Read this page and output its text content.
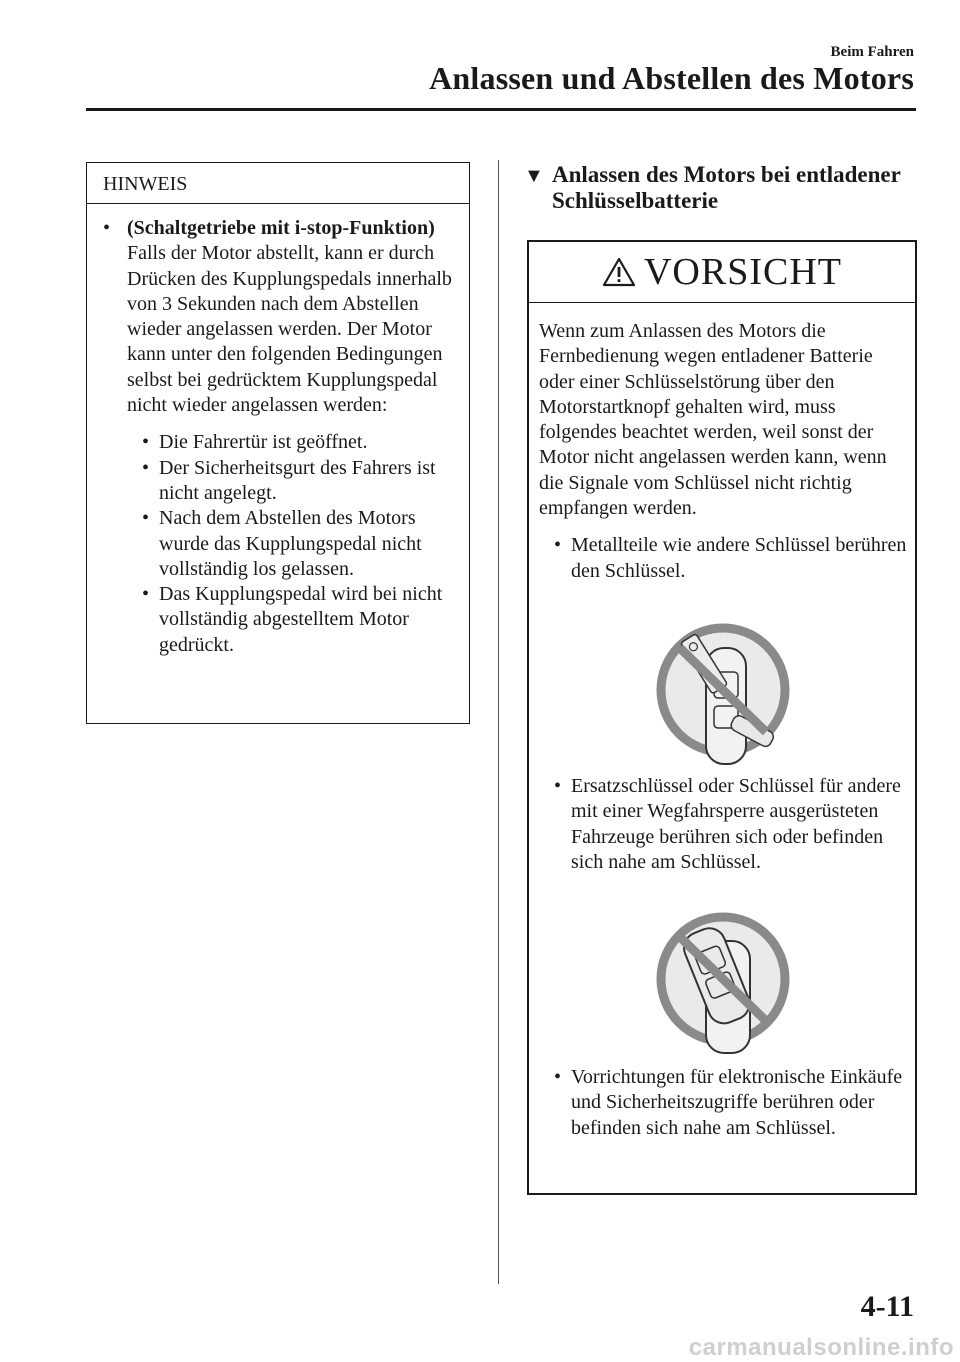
Beim Fahren
Anlassen und Abstellen des Motors
HINWEIS
• (Schaltgetriebe mit i-stop-Funktion)
Falls der Motor abstellt, kann er durch Drücken des Kupplungspedals innerhalb von 3 Sekunden nach dem Abstellen wieder angelassen werden. Der Motor kann unter den folgenden Bedingungen selbst bei gedrücktem Kupplungspedal nicht wieder angelassen werden:
• Die Fahrertür ist geöffnet.
• Der Sicherheitsgurt des Fahrers ist nicht angelegt.
• Nach dem Abstellen des Motors wurde das Kupplungspedal nicht vollständig los gelassen.
• Das Kupplungspedal wird bei nicht vollständig abgestelltem Motor gedrückt.
▼ Anlassen des Motors bei entladener Schlüsselbatterie
VORSICHT
Wenn zum Anlassen des Motors die Fernbedienung wegen entladener Batterie oder einer Schlüsselstörung über den Motorstartknopf gehalten wird, muss folgendes beachtet werden, weil sonst der Motor nicht angelassen werden kann, wenn die Signale vom Schlüssel nicht richtig empfangen werden.
• Metallteile wie andere Schlüssel berühren den Schlüssel.
• Ersatzschlüssel oder Schlüssel für andere mit einer Wegfahrsperre ausgerüsteten Fahrzeuge berühren sich oder befinden sich nahe am Schlüssel.
• Vorrichtungen für elektronische Einkäufe und Sicherheitszugriffe berühren oder befinden sich nahe am Schlüssel.
4-11
carmanualsonline.info
